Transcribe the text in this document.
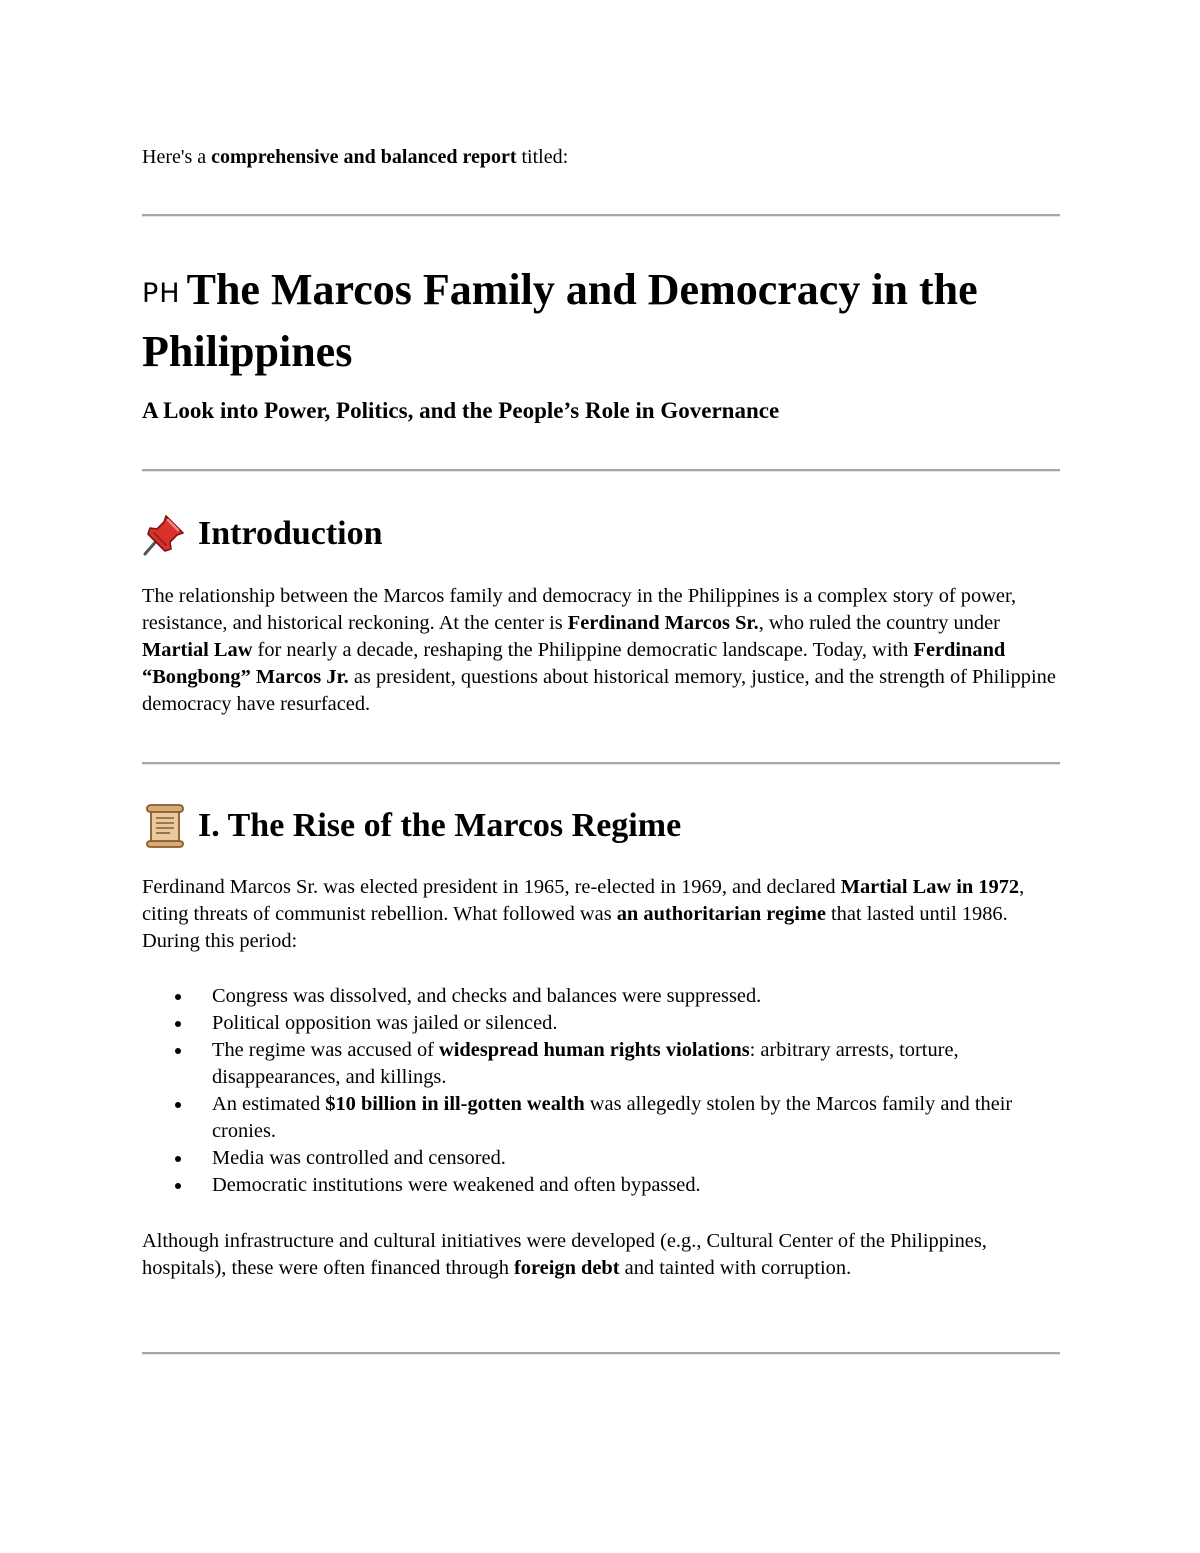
Here's a comprehensive and balanced report titled:
PH The Marcos Family and Democracy in the Philippines
A Look into Power, Politics, and the People’s Role in Governance
Introduction

The relationship between the Marcos family and democracy in the Philippines is a complex story of power, resistance, and historical reckoning. At the center is Ferdinand Marcos Sr., who ruled the country under Martial Law for nearly a decade, reshaping the Philippine democratic landscape. Today, with Ferdinand “Bongbong” Marcos Jr. as president, questions about historical memory, justice, and the strength of Philippine democracy have resurfaced.

I. The Rise of the Marcos Regime

Ferdinand Marcos Sr. was elected president in 1965, re-elected in 1969, and declared Martial Law in 1972, citing threats of communist rebellion. What followed was an authoritarian regime that lasted until 1986. During this period:

Congress was dissolved, and checks and balances were suppressed.
Political opposition was jailed or silenced.
The regime was accused of widespread human rights violations: arbitrary arrests, torture, disappearances, and killings.
An estimated $10 billion in ill-gotten wealth was allegedly stolen by the Marcos family and their cronies.
Media was controlled and censored.
Democratic institutions were weakened and often bypassed.

Although infrastructure and cultural initiatives were developed (e.g., Cultural Center of the Philippines, hospitals), these were often financed through foreign debt and tainted with corruption.
